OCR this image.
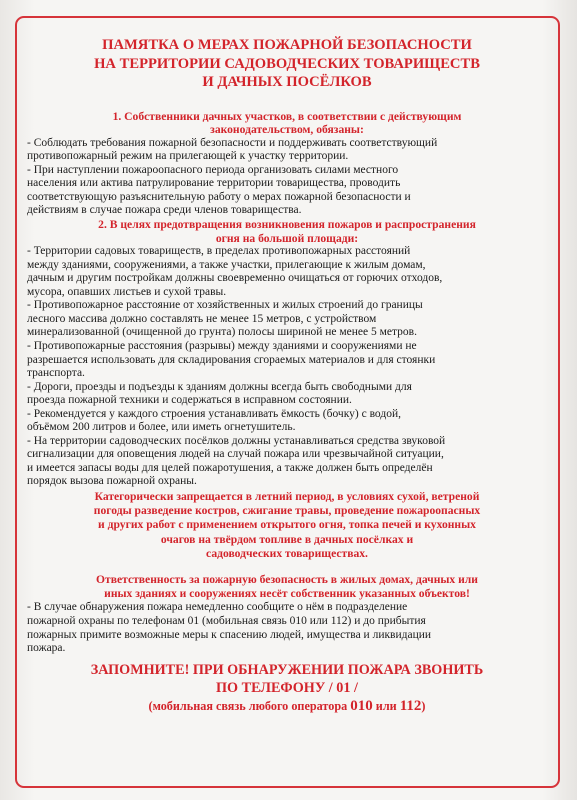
ПАМЯТКА О МЕРАХ ПОЖАРНОЙ БЕЗОПАСНОСТИ
НА ТЕРРИТОРИИ САДОВОДЧЕСКИХ ТОВАРИЩЕСТВ
И ДАЧНЫХ ПОСЁЛКОВ
1. Собственники дачных участков, в соответствии с действующим
законодательством, обязаны:

- Соблюдать требования пожарной безопасности и поддерживать соответствующий
противопожарный режим на прилегающей к участку территории.

- При наступлении пожароопасного периода организовать силами местного
населения или актива патрулирование территории товарищества, проводить
соответствующую разъяснительную работу о мерах пожарной безопасности и
действиям в случае пожара среди членов товарищества.

2. В целях предотвращения возникновения пожаров и распространения
огня на большой площади:

- Территории садовых товариществ, в пределах противопожарных расстояний
между зданиями, сооружениями, а также участки, прилегающие к жилым домам,
дачным и другим постройкам должны своевременно очищаться от горючих отходов,
мусора, опавших листьев и сухой травы.

- Противопожарное расстояние от хозяйственных и жилых строений до границы
лесного массива должно составлять не менее 15 метров, с устройством
минерализованной (очищенной до грунта) полосы шириной не менее 5 метров.

- Противопожарные расстояния (разрывы) между зданиями и сооружениями не
разрешается использовать для складирования сгораемых материалов и для стоянки
транспорта.

- Дороги, проезды и подъезды к зданиям должны всегда быть свободными для
проезда пожарной техники и содержаться в исправном состоянии.

- Рекомендуется у каждого строения устанавливать ёмкость (бочку) с водой,
объёмом 200 литров и более, или иметь огнетушитель.

- На территории садоводческих посёлков должны устанавливаться средства звуковой
сигнализации для оповещения людей на случай пожара или чрезвычайной ситуации,
и имеется запасы воды для целей пожаротушения, а также должен быть определён
порядок вызова пожарной охраны.

Категорически запрещается в летний период, в условиях сухой, ветреной
погоды разведение костров, сжигание травы, проведение пожароопасных
и других работ с применением открытого огня, топка печей и кухонных
очагов на твёрдом топливе в дачных посёлках и
садоводческих товариществах.
Ответственность за пожарную безопасность в жилых домах, дачных или
иных зданиях и сооружениях несёт собственник указанных объектов!

- В случае обнаружения пожара немедленно сообщите о нём в подразделение
пожарной охраны по телефонам 01 (мобильная связь 010 или 112) и до прибытия
пожарных примите возможные меры к спасению людей, имущества и ликвидации
пожара.

ЗАПОМНИТЕ! ПРИ ОБНАРУЖЕНИИ ПОЖАРА ЗВОНИТЬ
ПО ТЕЛЕФОНУ / 01 /
(мобильная связь любого оператора 010 или 112)
